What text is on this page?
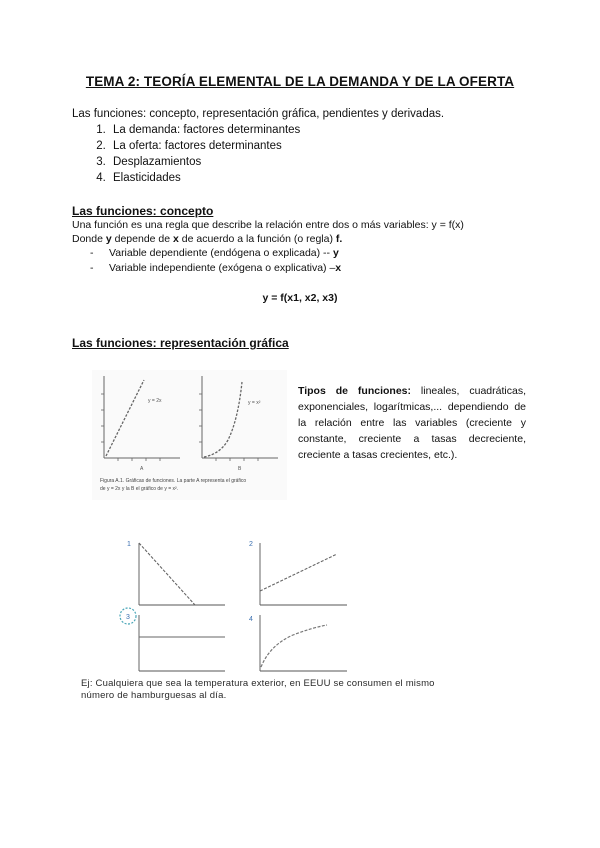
TEMA 2: TEORÍA ELEMENTAL DE LA DEMANDA Y DE LA OFERTA
Las funciones: concepto, representación gráfica, pendientes y derivadas.
1. La demanda: factores determinantes
2. La oferta: factores determinantes
3. Desplazamientos
4. Elasticidades
Las funciones: concepto
Una función es una regla que describe la relación entre dos o más variables: y = f(x)
Donde y depende de x de acuerdo a la función (o regla) f.
- Variable dependiente (endógena o explicada) -- y
- Variable independiente (exógena o explicativa) –x
y = f(x1, x2, x3)
Las funciones: representación gráfica
y = 2x
A
y = x²
B
Figura A.1. Gráficas de funciones. La parte A representa el gráfico
de y = 2x y la B el gráfico de y = x².
Tipos de funciones: lineales, cuadráticas, exponenciales, logarítmicas,... dependiendo de la relación entre las variables (creciente y constante, creciente a tasas decreciente, creciente a tasas crecientes, etc.).
1	2
3	4
Ej: Cualquiera que sea la temperatura exterior, en EEUU se consumen el mismo
número de hamburguesas al día.
